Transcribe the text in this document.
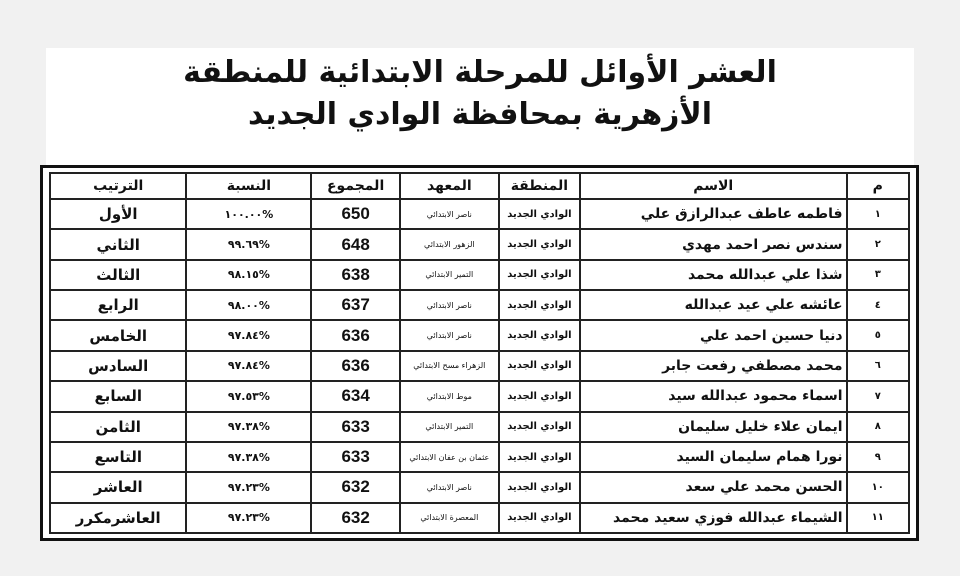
العشر الأوائل للمرحلة الابتدائية للمنطقة
الأزهرية بمحافظة الوادي الجديد
م	الاسم	المنطقة	المعهد	المجموع	النسبة	الترتيب
١	فاطمه عاطف عبدالرازق علي	الوادي الجديد	ناصر الابتدائي	650	%١٠٠.٠٠	الأول
٢	سندس نصر احمد مهدي	الوادي الجديد	الزهور الابتدائي	648	%٩٩.٦٩	الثاني
٣	شذا علي عبدالله محمد	الوادي الجديد	التمير الابتدائي	638	%٩٨.١٥	الثالث
٤	عائشه علي عيد عبدالله	الوادي الجديد	ناصر الابتدائي	637	%٩٨.٠٠	الرابع
٥	دنيا حسين احمد علي	الوادي الجديد	ناصر الابتدائي	636	%٩٧.٨٤	الخامس
٦	محمد مصطفي رفعت جابر	الوادي الجديد	الزهراء مسح الابتدائي	636	%٩٧.٨٤	السادس
٧	اسماء محمود عبدالله سيد	الوادي الجديد	موط الابتدائي	634	%٩٧.٥٣	السابع
٨	ايمان علاء خليل سليمان	الوادي الجديد	التمير الابتدائي	633	%٩٧.٣٨	الثامن
٩	نورا همام سليمان السيد	الوادي الجديد	عثمان بن عفان الابتدائي	633	%٩٧.٣٨	التاسع
١٠	الحسن محمد علي سعد	الوادي الجديد	ناصر الابتدائي	632	%٩٧.٢٣	العاشر
١١	الشيماء عبدالله فوزي سعيد محمد	الوادي الجديد	المعصرة الابتدائي	632	%٩٧.٢٣	العاشرمكرر
